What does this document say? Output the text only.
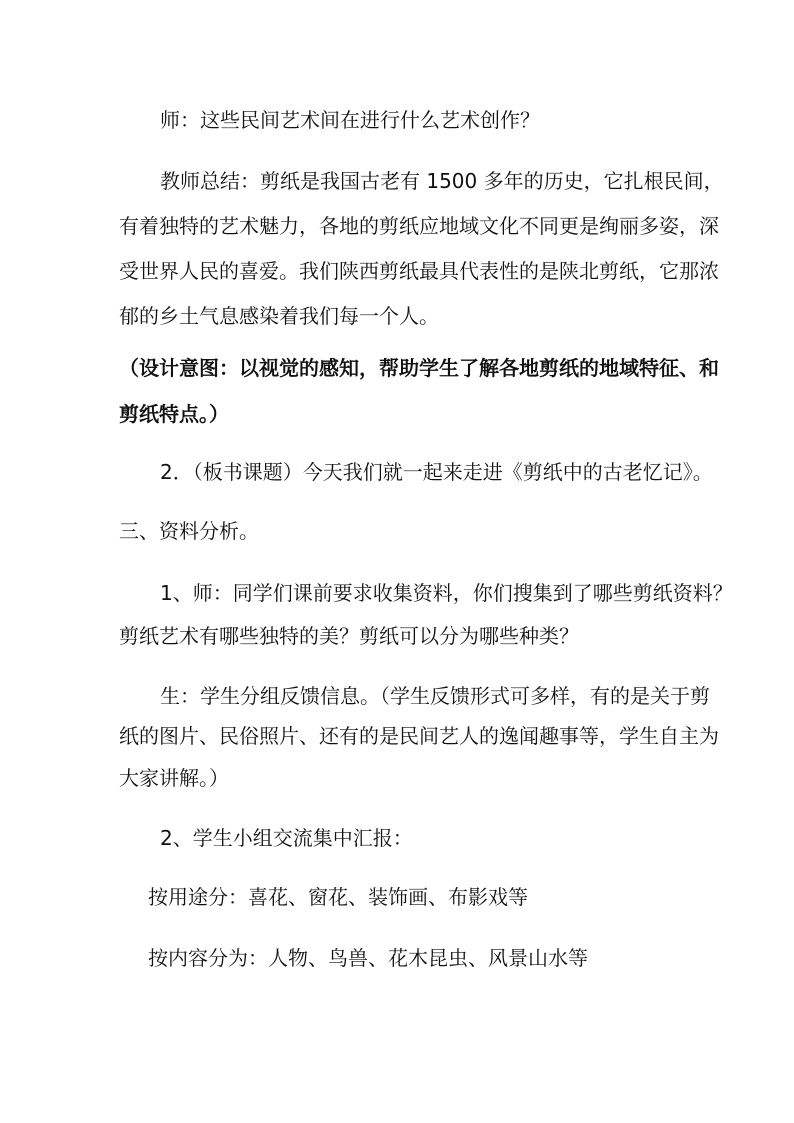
师：这些民间艺术间在进行什么艺术创作？
教师总结：剪纸是我国古老有 1500 多年的历史，它扎根民间，
有着独特的艺术魅力，各地的剪纸应地域文化不同更是绚丽多姿，深
受世界人民的喜爱。我们陕西剪纸最具代表性的是陕北剪纸，它那浓
郁的乡土气息感染着我们每一个人。
（设计意图：以视觉的感知，帮助学生了解各地剪纸的地域特征、和
剪纸特点。）
2．（板书课题）今天我们就一起来走进《剪纸中的古老忆记》。
三、资料分析。
1、师：同学们课前要求收集资料，你们搜集到了哪些剪纸资料？
剪纸艺术有哪些独特的美？剪纸可以分为哪些种类？
生：学生分组反馈信息。（学生反馈形式可多样，有的是关于剪
纸的图片、民俗照片、还有的是民间艺人的逸闻趣事等，学生自主为
大家讲解。）
2、学生小组交流集中汇报：
按用途分：喜花、窗花、装饰画、布影戏等
按内容分为：人物、鸟兽、花木昆虫、风景山水等
